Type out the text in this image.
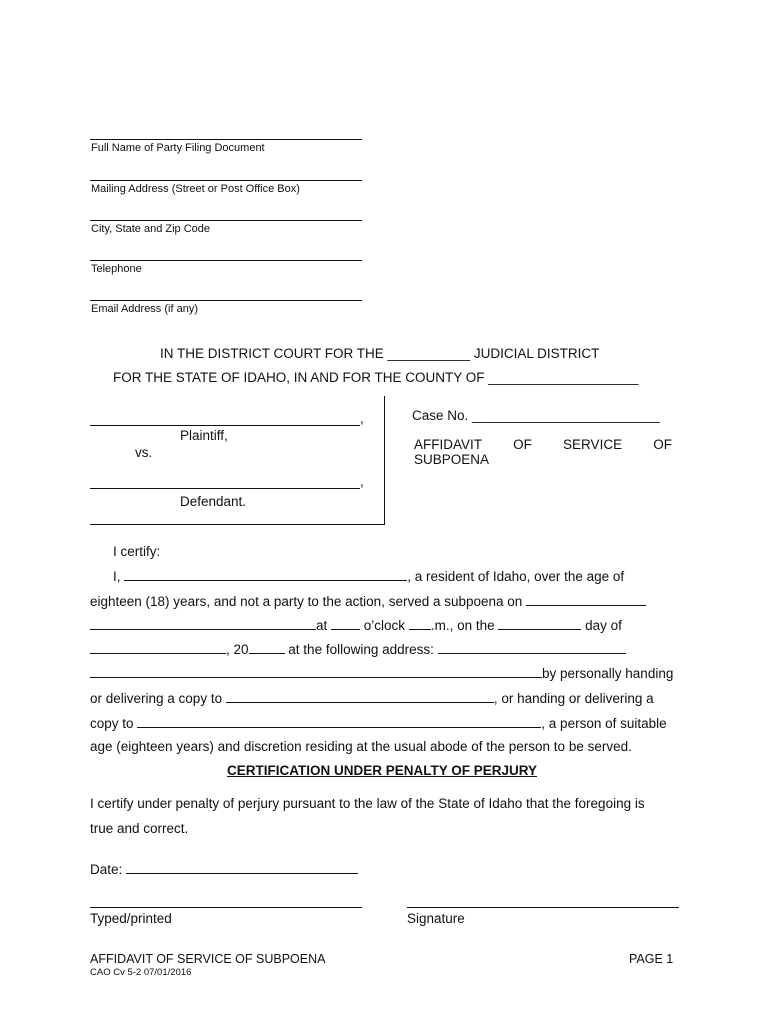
Full Name of Party Filing Document
Mailing Address (Street or Post Office Box)
City, State and Zip Code
Telephone
Email Address (if any)
IN THE DISTRICT COURT FOR THE ___________ JUDICIAL DISTRICT
FOR THE STATE OF IDAHO, IN AND FOR THE COUNTY OF ____________________
,
Plaintiff,
vs.
,
Defendant.
Case No. _________________________
AFFIDAVIT OF SERVICE OF
SUBPOENA
I certify:
I,	, a resident of Idaho, over the age of
eighteen (18) years, and not a party to the action, served a subpoena on
at	o’clock .m., on the	day of
, 20	at the following address:
by personally handing
or delivering a copy to	, or handing or delivering a
copy to	, a person of suitable
age (eighteen years) and discretion residing at the usual abode of the person to be served.
CERTIFICATION UNDER PENALTY OF PERJURY
I certify under penalty of perjury pursuant to the law of the State of Idaho that the foregoing is
true and correct.
Date:
Typed/printed	Signature
AFFIDAVIT OF SERVICE OF SUBPOENA
CAO Cv 5-2 07/01/2016
PAGE 1
